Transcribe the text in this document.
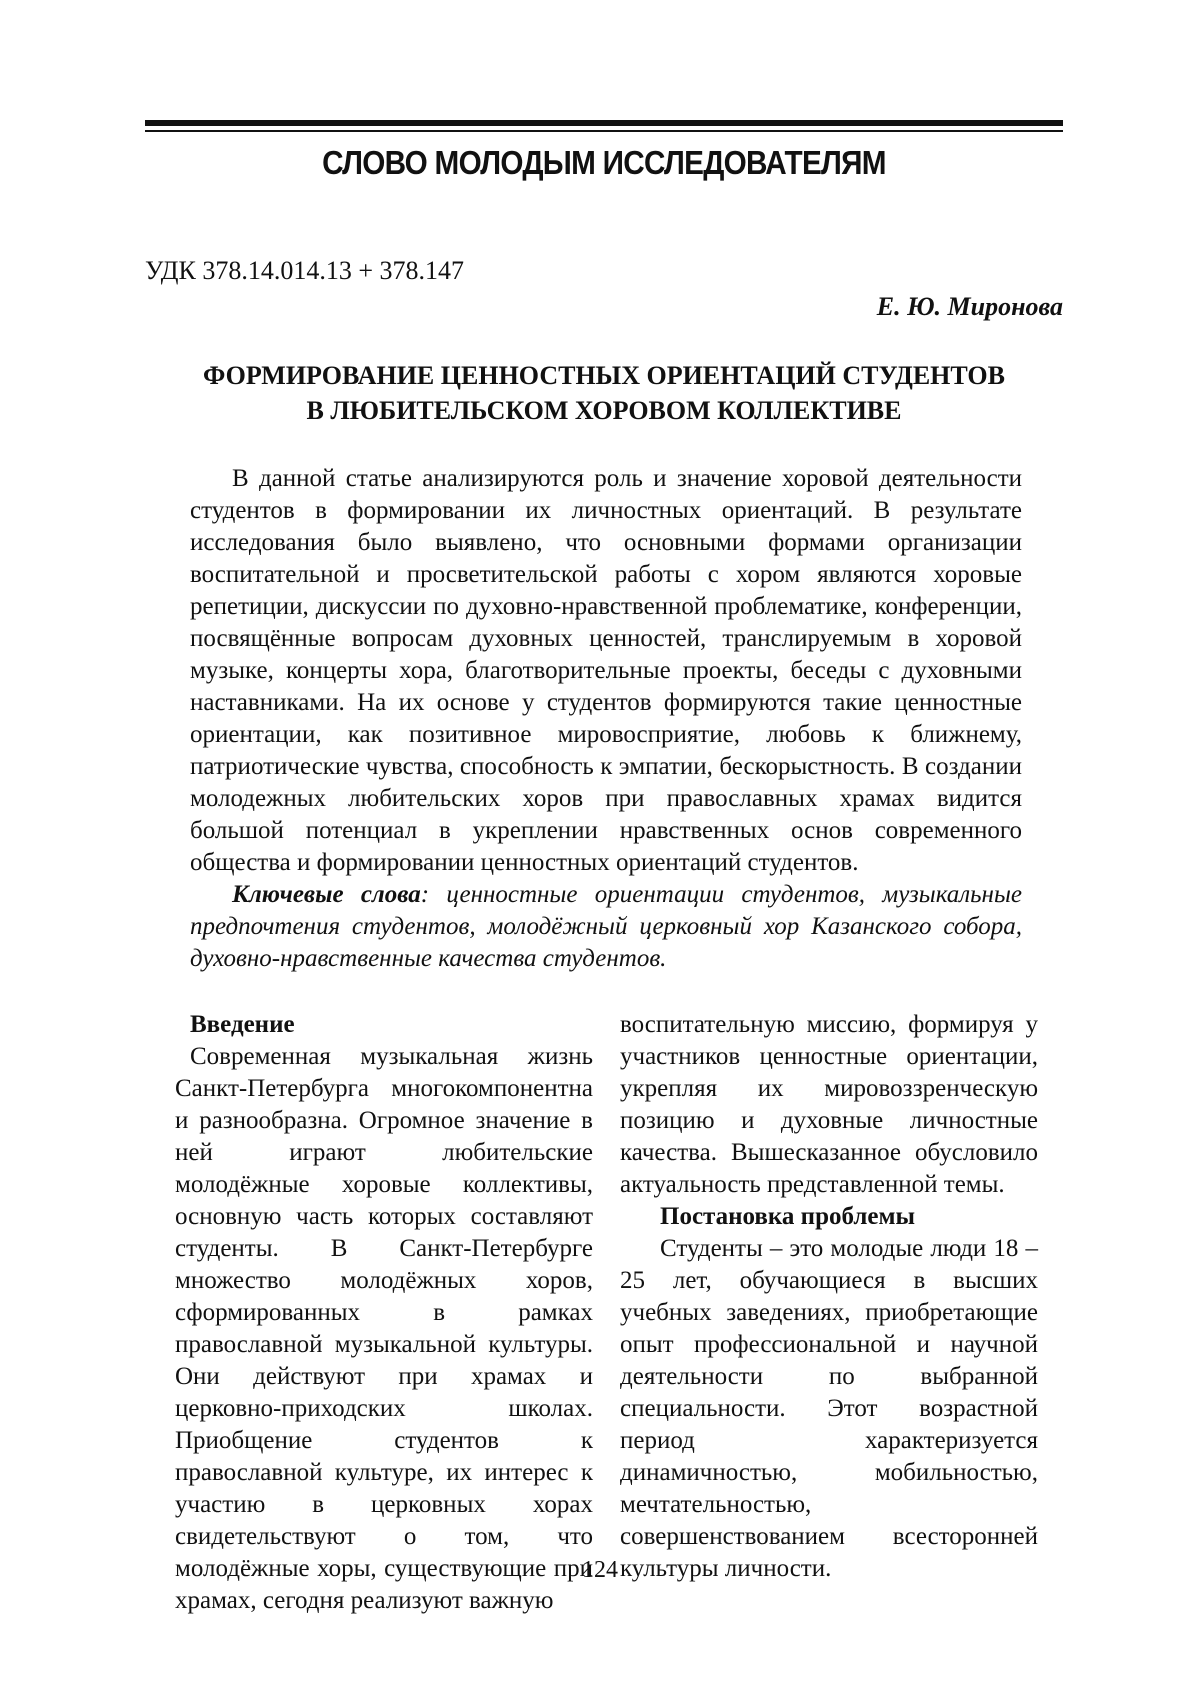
СЛОВО МОЛОДЫМ ИССЛЕДОВАТЕЛЯМ
УДК 378.14.014.13 + 378.147
Е. Ю. Миронова
ФОРМИРОВАНИЕ ЦЕННОСТНЫХ ОРИЕНТАЦИЙ СТУДЕНТОВ
В ЛЮБИТЕЛЬСКОМ ХОРОВОМ КОЛЛЕКТИВЕ

В данной статье анализируются роль и значение хоровой деятельности студентов в формировании их личностных ориентаций. В результате исследования было выявлено, что основными формами организации воспитательной и просветительской работы с хором являются хоровые репетиции, дискуссии по духовно-нравственной проблематике, конференции, посвящённые вопросам духовных ценностей, транслируемым в хоровой музыке, концерты хора, благотворительные проекты, беседы с духовными наставниками. На их основе у студентов формируются такие ценностные ориентации, как позитивное мировосприятие, любовь к ближнему, патриотические чувства, способность к эмпатии, бескорыстность. В создании молодежных любительских хоров при православных храмах видится большой потенциал в укреплении нравственных основ современного общества и формировании ценностных ориентаций студентов.

Ключевые слова: ценностные ориентации студентов, музыкальные предпочтения студентов, молодёжный церковный хор Казанского собора, духовно-нравственные качества студентов.

Введение

Современная музыкальная жизнь Санкт-Петербурга многокомпонентна и разнообразна. Огромное значение в ней играют любительские молодёжные хоровые коллективы, основную часть которых составляют студенты. В Санкт-Петербурге множество молодёжных хоров, сформированных в рамках православной музыкальной культуры. Они действуют при храмах и церковно-приходских школах. Приобщение студентов к православной культуре, их интерес к участию в церковных хорах свидетельствуют о том, что молодёжные хоры, существующие при храмах, сегодня реализуют важную

воспитательную миссию, формируя у участников ценностные ориентации, укрепляя их мировоззренческую позицию и духовные личностные качества. Вышесказанное обусловило актуальность представленной темы.

Постановка проблемы

Студенты – это молодые люди 18 – 25 лет, обучающиеся в высших учебных заведениях, приобретающие опыт профессиональной и научной деятельности по выбранной специальности. Этот возрастной период характеризуется динамичностью, мобильностью, мечтательностью, совершенствованием всесторонней культуры личности.

124
